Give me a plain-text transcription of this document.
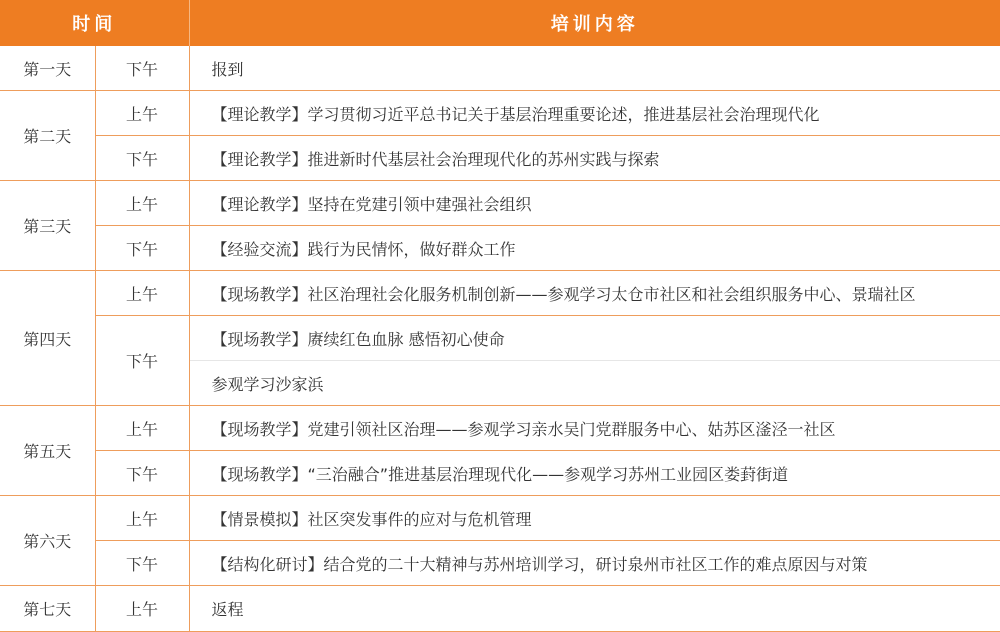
时间		培训内容
第一天	下午	报到
第二天	上午	【理论教学】学习贯彻习近平总书记关于基层治理重要论述，推进基层社会治理现代化
	下午	【理论教学】推进新时代基层社会治理现代化的苏州实践与探索
第三天	上午	【理论教学】坚持在党建引领中建强社会组织
	下午	【经验交流】践行为民情怀，做好群众工作
第四天	上午	【现场教学】社区治理社会化服务机制创新——参观学习太仓市社区和社会组织服务中心、景瑞社区
	下午	【现场教学】赓续红色血脉 感悟初心使命
		参观学习沙家浜
第五天	上午	【现场教学】党建引领社区治理——参观学习亲水吴门党群服务中心、姑苏区滏泾一社区
	下午	【现场教学】“三治融合”推进基层治理现代化——参观学习苏州工业园区娄葑街道
第六天	上午	【情景模拟】社区突发事件的应对与危机管理
	下午	【结构化研讨】结合党的二十大精神与苏州培训学习，研讨泉州市社区工作的难点原因与对策
第七天	上午	返程
